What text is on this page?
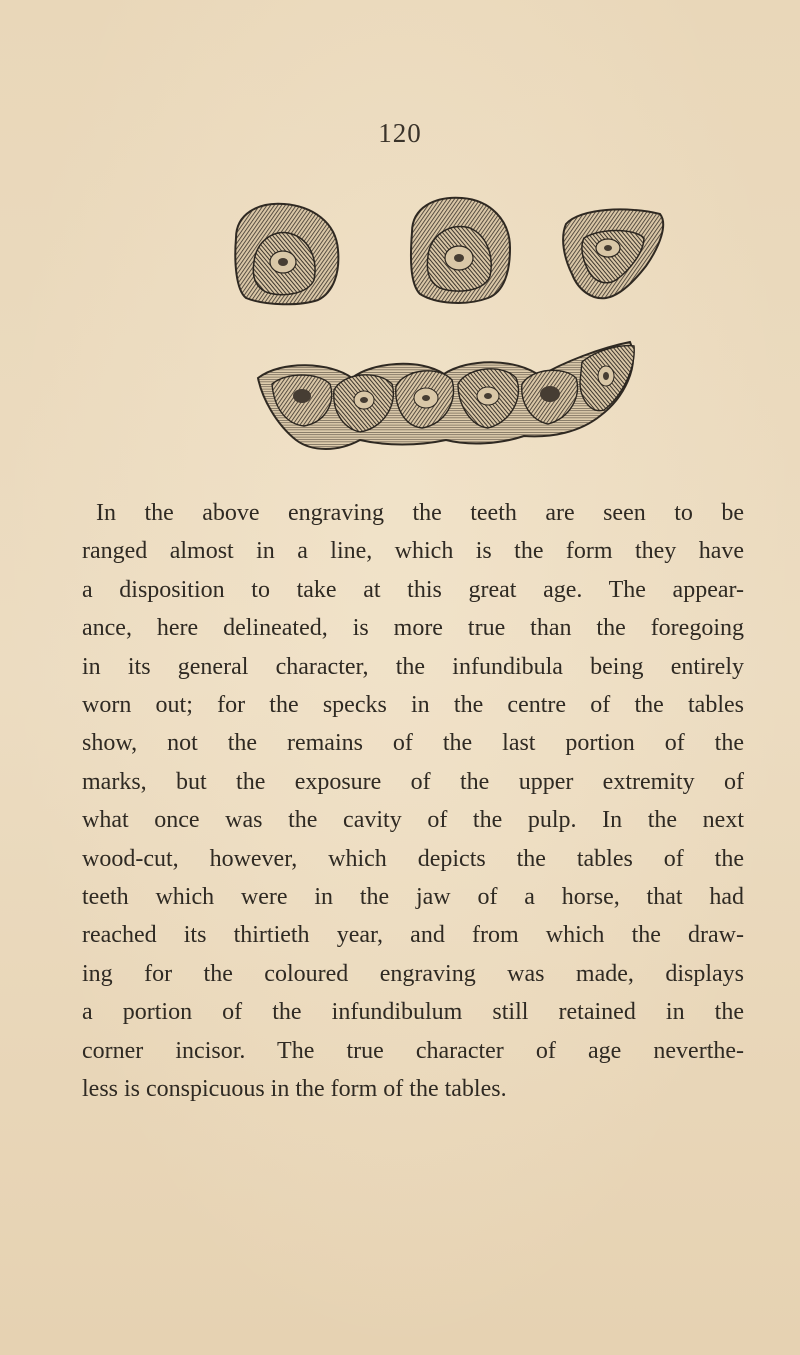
120
In the above engraving the teeth are seen to be
ranged almost in a line, which is the form they have
a disposition to take at this great age. The appear-
ance, here delineated, is more true than the foregoing
in its general character, the infundibula being entirely
worn out; for the specks in the centre of the tables
show, not the remains of the last portion of the
marks, but the exposure of the upper extremity of
what once was the cavity of the pulp. In the next
wood-cut, however, which depicts the tables of the
teeth which were in the jaw of a horse, that had
reached its thirtieth year, and from which the draw-
ing for the coloured engraving was made, displays
a portion of the infundibulum still retained in the
corner incisor. The true character of age neverthe-
less is conspicuous in the form of the tables.
